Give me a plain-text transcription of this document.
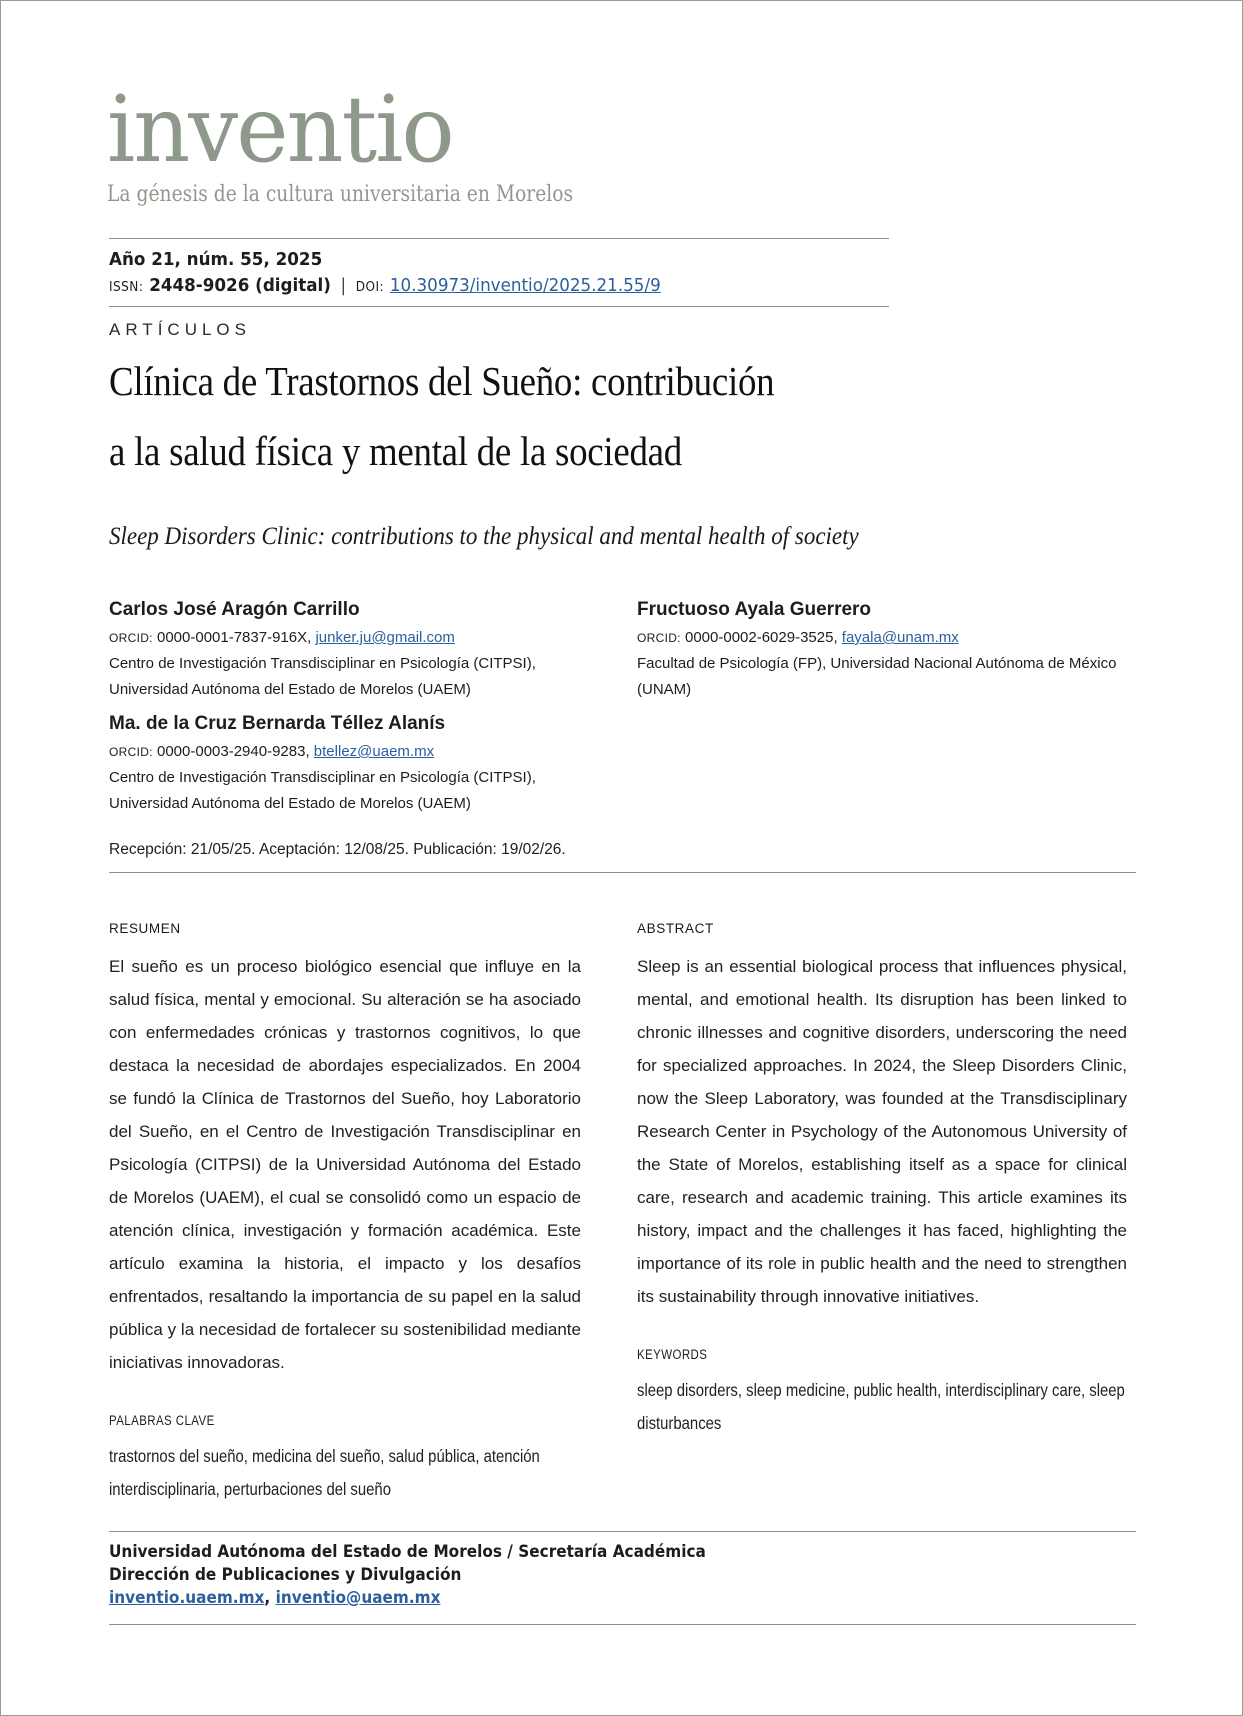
inventio
La génesis de la cultura universitaria en Morelos
Año 21, núm. 55, 2025
ISSN: 2448-9026 (digital) | DOI: 10.30973/inventio/2025.21.55/9
ARTÍCULOS
Clínica de Trastornos del Sueño: contribución
a la salud física y mental de la sociedad
Sleep Disorders Clinic: contributions to the physical and mental health of society
Carlos José Aragón Carrillo
ORCID: 0000-0001-7837-916X, junker.ju@gmail.com
Centro de Investigación Transdisciplinar en Psicología (CITPSI),
Universidad Autónoma del Estado de Morelos (UAEM)
Fructuoso Ayala Guerrero
ORCID: 0000-0002-6029-3525, fayala@unam.mx
Facultad de Psicología (FP), Universidad Nacional Autónoma de México (UNAM)
Ma. de la Cruz Bernarda Téllez Alanís
ORCID: 0000-0003-2940-9283, btellez@uaem.mx
Centro de Investigación Transdisciplinar en Psicología (CITPSI),
Universidad Autónoma del Estado de Morelos (UAEM)
Recepción: 21/05/25. Aceptación: 12/08/25. Publicación: 19/02/26.
RESUMEN
El sueño es un proceso biológico esencial que influye en la salud física, mental y emocional. Su alteración se ha asociado con enfermedades crónicas y trastornos cognitivos, lo que destaca la necesidad de abordajes especializados. En 2004 se fundó la Clínica de Trastornos del Sueño, hoy Laboratorio del Sueño, en el Centro de Investigación Transdisciplinar en Psicología (CITPSI) de la Universidad Autónoma del Estado de Morelos (UAEM), el cual se consolidó como un espacio de atención clínica, investigación y formación académica. Este artículo examina la historia, el impacto y los desafíos enfrentados, resaltando la importancia de su papel en la salud pública y la necesidad de fortalecer su sostenibilidad mediante iniciativas innovadoras.
PALABRAS CLAVE
trastornos del sueño, medicina del sueño, salud pública, atención interdisciplinaria, perturbaciones del sueño
ABSTRACT
Sleep is an essential biological process that influences physical, mental, and emotional health. Its disruption has been linked to chronic illnesses and cognitive disorders, underscoring the need for specialized approaches. In 2024, the Sleep Disorders Clinic, now the Sleep Laboratory, was founded at the Transdisciplinary Research Center in Psychology of the Autonomous University of the State of Morelos, establishing itself as a space for clinical care, research and academic training. This article examines its history, impact and the challenges it has faced, highlighting the importance of its role in public health and the need to strengthen its sustainability through innovative initiatives.
KEYWORDS
sleep disorders, sleep medicine, public health, interdisciplinary care, sleep disturbances
Universidad Autónoma del Estado de Morelos / Secretaría Académica
Dirección de Publicaciones y Divulgación
inventio.uaem.mx, inventio@uaem.mx
